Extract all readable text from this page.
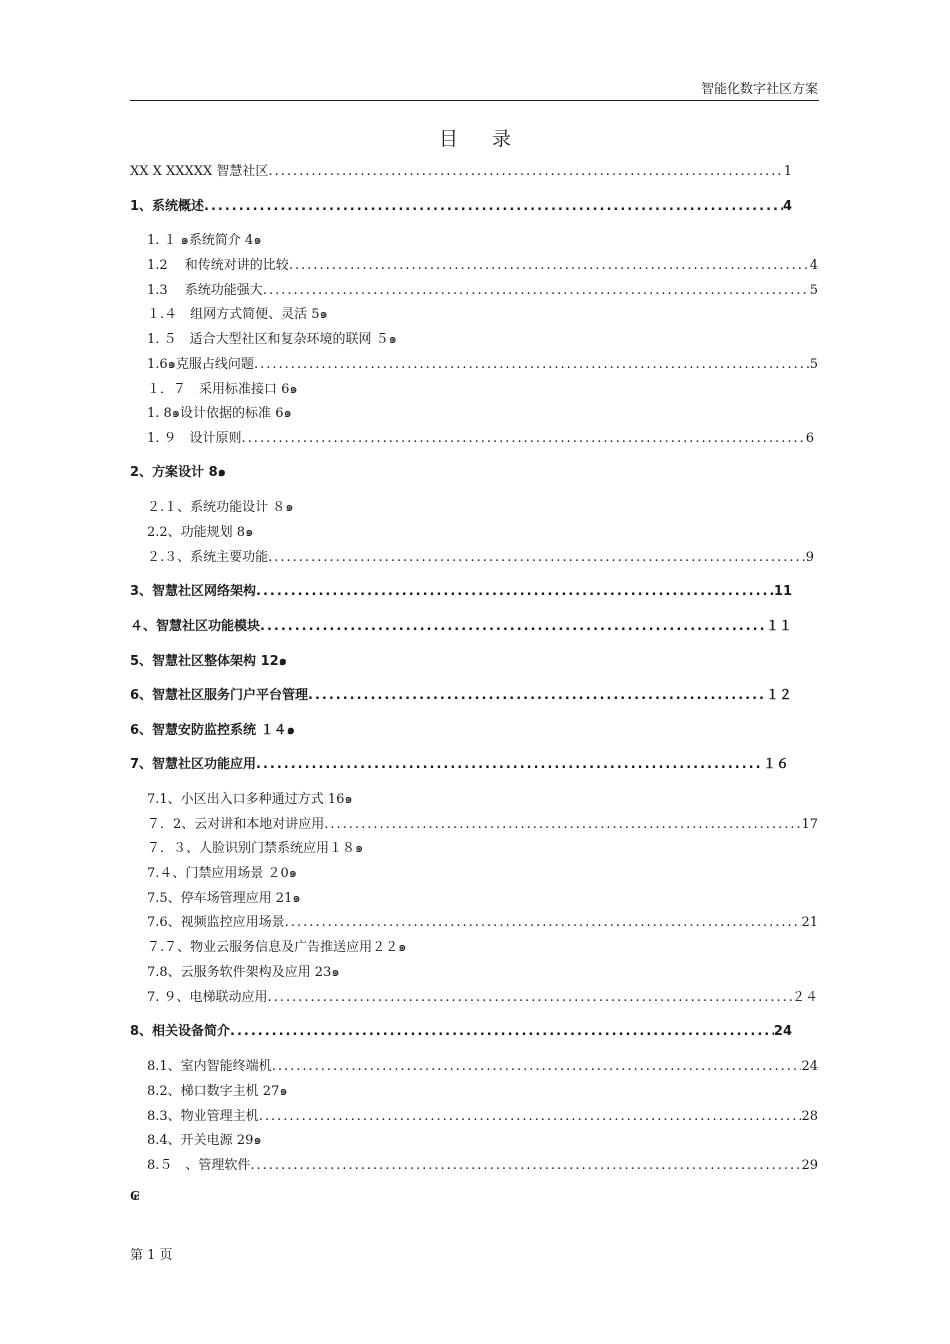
智能化数字社区方案
目 录
XX X XXXXX 智慧社区 .....	1
1、系统概述 .....	4
1. １ ๑系统简介 4๑
1.2　 和传统对讲的比较 .....	4
1.3　 系统功能强大 .....	5
１.４　组网方式简便、灵活 5๑
1. ５　适合大型社区和复杂环境的联网 ５๑
1.6๑克服占线问题 .....	5
１．７　采用标准接口 6๑
1. 8๑设计依据的标准 6๑
1. ９　设计原则 .....	6
2、方案设计 8๑
２.１、系统功能设计 ８๑
2.2、功能规划 8๑
２.３、系统主要功能 .....	9
3、智慧社区网络架构 .....	11
４、智慧社区功能模块 .....	１１
5、智慧社区整体架构 12๑
6、智慧社区服务门户平台管理 .....	１２
6、智慧安防监控系统 １４๑
7、智慧社区功能应用 .....	１６
7.1、小区出入口多种通过方式 16๑
７．2、云对讲和本地对讲应用 .....	17
７．３、人脸识别门禁系统应用１８๑
7.４、门禁应用场景 ２0๑
7.5、停车场管理应用 21๑
7.6、视频监控应用场景 .....	21
７.７、物业云服务信息及广告推送应用２２๑
7.8、云服务软件架构及应用 23๑
7. ９、电梯联动应用 .....	２４
8、相关设备简介 .....	24
8.1、室内智能终端机 .....	24
8.2、梯口数字主机 27๑
8.3、物业管理主机 .....	28
8.4、开关电源 29๑
8.５　、管理软件 .....	29
₢
第 1 页
